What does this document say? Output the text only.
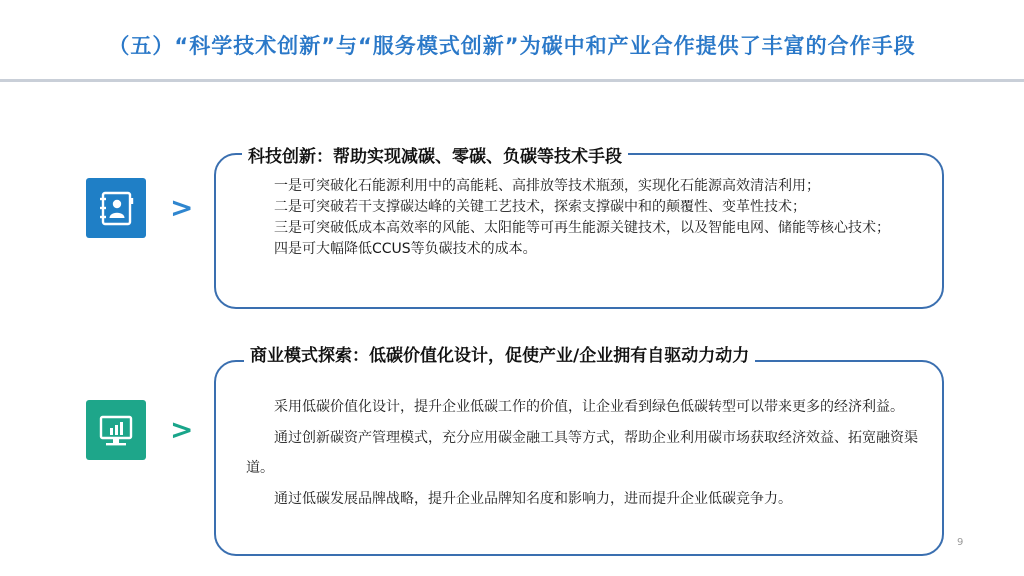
（五）“科学技术创新”与“服务模式创新”为碳中和产业合作提供了丰富的合作手段
>
科技创新：帮助实现减碳、零碳、负碳等技术手段
一是可突破化石能源利用中的高能耗、高排放等技术瓶颈，实现化石能源高效清洁利用；
二是可突破若干支撑碳达峰的关键工艺技术，探索支撑碳中和的颠覆性、变革性技术；
三是可突破低成本高效率的风能、太阳能等可再生能源关键技术，以及智能电网、储能等核心技术；
四是可大幅降低CCUS等负碳技术的成本。
>
商业模式探索：低碳价值化设计，促使产业/企业拥有自驱动力动力
采用低碳价值化设计，提升企业低碳工作的价值，让企业看到绿色低碳转型可以带来更多的经济利益。
通过创新碳资产管理模式，充分应用碳金融工具等方式，帮助企业利用碳市场获取经济效益、拓宽融资渠道。
通过低碳发展品牌战略，提升企业品牌知名度和影响力，进而提升企业低碳竞争力。
9
